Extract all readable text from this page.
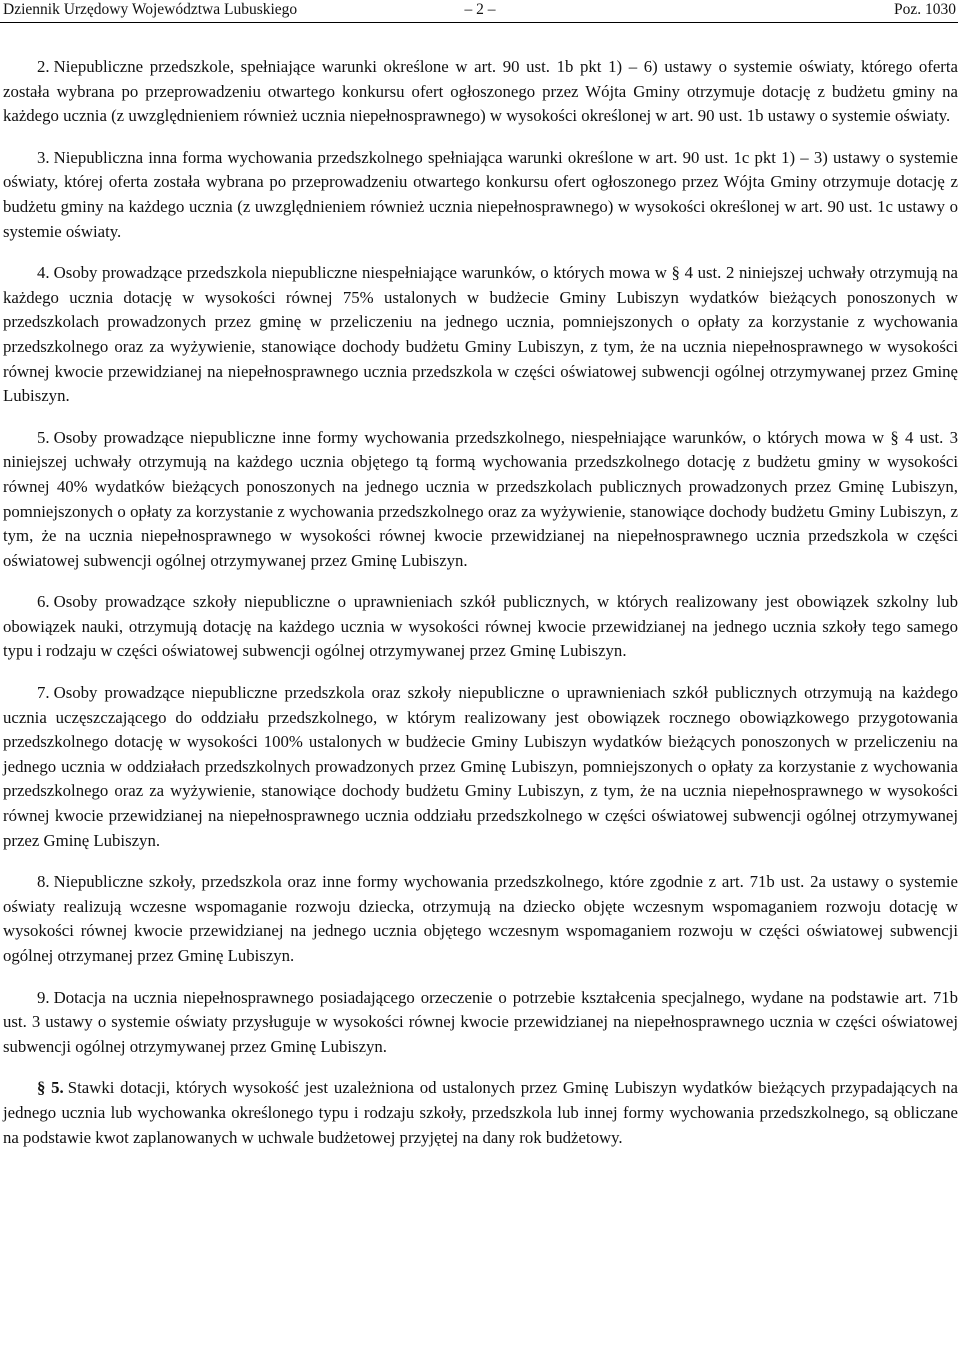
Dziennik Urzędowy Województwa Lubuskiego	– 2 –	Poz. 1030

2. Niepubliczne przedszkole, spełniające warunki określone w art. 90 ust. 1b pkt 1) – 6) ustawy o systemie oświaty, którego oferta została wybrana po przeprowadzeniu otwartego konkursu ofert ogłoszonego przez Wójta Gminy otrzymuje dotację z budżetu gminy na każdego ucznia (z uwzględnieniem również ucznia niepełnosprawnego) w wysokości określonej w art. 90 ust. 1b ustawy o systemie oświaty.

3. Niepubliczna inna forma wychowania przedszkolnego spełniająca warunki określone w art. 90 ust. 1c pkt 1) – 3) ustawy o systemie oświaty, której oferta została wybrana po przeprowadzeniu otwartego konkursu ofert ogłoszonego przez Wójta Gminy otrzymuje dotację z budżetu gminy na każdego ucznia (z uwzględnieniem również ucznia niepełnosprawnego) w wysokości określonej w art. 90 ust. 1c ustawy o systemie oświaty.

4. Osoby prowadzące przedszkola niepubliczne niespełniające warunków, o których mowa w § 4 ust. 2 niniejszej uchwały otrzymują na każdego ucznia dotację w wysokości równej 75% ustalonych w budżecie Gminy Lubiszyn wydatków bieżących ponoszonych w przedszkolach prowadzonych przez gminę w przeliczeniu na jednego ucznia, pomniejszonych o opłaty za korzystanie z wychowania przedszkolnego oraz za wyżywienie, stanowiące dochody budżetu Gminy Lubiszyn, z tym, że na ucznia niepełnosprawnego w wysokości równej kwocie przewidzianej na niepełnosprawnego ucznia przedszkola w części oświatowej subwencji ogólnej otrzymywanej przez Gminę Lubiszyn.

5. Osoby prowadzące niepubliczne inne formy wychowania przedszkolnego, niespełniające warunków, o których mowa w § 4 ust. 3 niniejszej uchwały otrzymują na każdego ucznia objętego tą formą wychowania przedszkolnego dotację z budżetu gminy w wysokości równej 40% wydatków bieżących ponoszonych na jednego ucznia w przedszkolach publicznych prowadzonych przez Gminę Lubiszyn, pomniejszonych o opłaty za korzystanie z wychowania przedszkolnego oraz za wyżywienie, stanowiące dochody budżetu Gminy Lubiszyn, z tym, że na ucznia niepełnosprawnego w wysokości równej kwocie przewidzianej na niepełnosprawnego ucznia przedszkola w części oświatowej subwencji ogólnej otrzymywanej przez Gminę Lubiszyn.

6. Osoby prowadzące szkoły niepubliczne o uprawnieniach szkół publicznych, w których realizowany jest obowiązek szkolny lub obowiązek nauki, otrzymują dotację na każdego ucznia w wysokości równej kwocie przewidzianej na jednego ucznia szkoły tego samego typu i rodzaju w części oświatowej subwencji ogólnej otrzymywanej przez Gminę Lubiszyn.

7. Osoby prowadzące niepubliczne przedszkola oraz szkoły niepubliczne o uprawnieniach szkół publicznych otrzymują na każdego ucznia uczęszczającego do oddziału przedszkolnego, w którym realizowany jest obowiązek rocznego obowiązkowego przygotowania przedszkolnego dotację w wysokości 100% ustalonych w budżecie Gminy Lubiszyn wydatków bieżących ponoszonych w przeliczeniu na jednego ucznia w oddziałach przedszkolnych prowadzonych przez Gminę Lubiszyn, pomniejszonych o opłaty za korzystanie z wychowania przedszkolnego oraz za wyżywienie, stanowiące dochody budżetu Gminy Lubiszyn, z tym, że na ucznia niepełnosprawnego w wysokości równej kwocie przewidzianej na niepełnosprawnego ucznia oddziału przedszkolnego w części oświatowej subwencji ogólnej otrzymywanej przez Gminę Lubiszyn.

8. Niepubliczne szkoły, przedszkola oraz inne formy wychowania przedszkolnego, które zgodnie z art. 71b ust. 2a ustawy o systemie oświaty realizują wczesne wspomaganie rozwoju dziecka, otrzymują na dziecko objęte wczesnym wspomaganiem rozwoju dotację w wysokości równej kwocie przewidzianej na jednego ucznia objętego wczesnym wspomaganiem rozwoju w części oświatowej subwencji ogólnej otrzymanej przez Gminę Lubiszyn.

9. Dotacja na ucznia niepełnosprawnego posiadającego orzeczenie o potrzebie kształcenia specjalnego, wydane na podstawie art. 71b ust. 3 ustawy o systemie oświaty przysługuje w wysokości równej kwocie przewidzianej na niepełnosprawnego ucznia w części oświatowej subwencji ogólnej otrzymywanej przez Gminę Lubiszyn.

§ 5. Stawki dotacji, których wysokość jest uzależniona od ustalonych przez Gminę Lubiszyn wydatków bieżących przypadających na jednego ucznia lub wychowanka określonego typu i rodzaju szkoły, przedszkola lub innej formy wychowania przedszkolnego, są obliczane na podstawie kwot zaplanowanych w uchwale budżetowej przyjętej na dany rok budżetowy.
